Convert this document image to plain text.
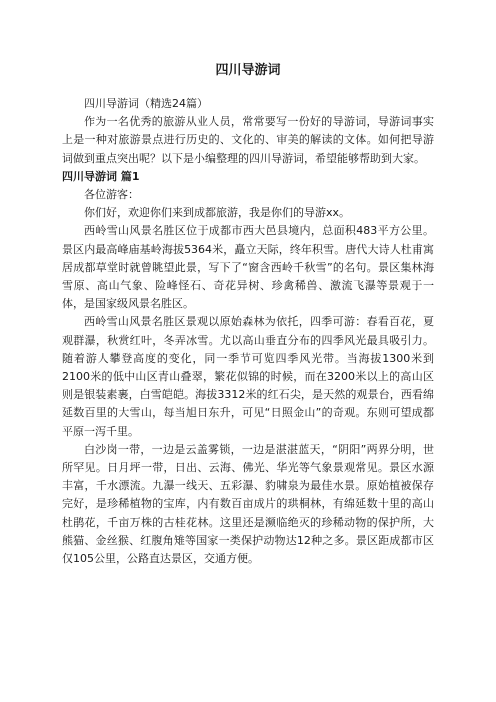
四川导游词

四川导游词（精选24篇）

作为一名优秀的旅游从业人员，常常要写一份好的导游词，导游词事实上是一种对旅游景点进行历史的、文化的、审美的解读的文体。如何把导游词做到重点突出呢？以下是小编整理的四川导游词，希望能够帮助到大家。

四川导游词 篇1

各位游客：

你们好，欢迎你们来到成都旅游，我是你们的导游xx。

西岭雪山风景名胜区位于成都市西大邑县境内，总面积483平方公里。景区内最高峰庙基岭海拔5364米，矗立天际，终年积雪。唐代大诗人杜甫寓居成都草堂时就曾眺望此景，写下了“窗含西岭千秋雪”的名句。景区集林海雪原、高山气象、险峰怪石、奇花异树、珍禽稀兽、激流飞瀑等景观于一体，是国家级风景名胜区。

西岭雪山风景名胜区景观以原始森林为依托，四季可游：春看百花，夏观群瀑，秋赏红叶，冬弄冰雪。尤以高山垂直分布的四季风光最具吸引力。随着游人攀登高度的变化，同一季节可览四季风光带。当海拔1300米到2100米的低中山区青山叠翠，繁花似锦的时候，而在3200米以上的高山区则是银装素裹，白雪皑皑。海拔3312米的红石尖，是天然的观景台，西看绵延数百里的大雪山，每当旭日东升，可见“日照金山”的奇观。东则可望成都平原一泻千里。

白沙岗一带，一边是云盖雾锁，一边是湛湛蓝天，“阴阳”两界分明，世所罕见。日月坪一带，日出、云海、佛光、华光等气象景观常见。景区水源丰富，千水漂流。九瀑一线天、五彩瀑、豹啸泉为最佳水景。原始植被保存完好，是珍稀植物的宝库，内有数百亩成片的珙桐林，有绵延数十里的高山杜鹃花，千亩万株的古桂花林。这里还是濒临绝灭的珍稀动物的保护所，大熊猫、金丝猴、红腹角雉等国家一类保护动物达12种之多。景区距成都市区仅105公里，公路直达景区，交通方便。
